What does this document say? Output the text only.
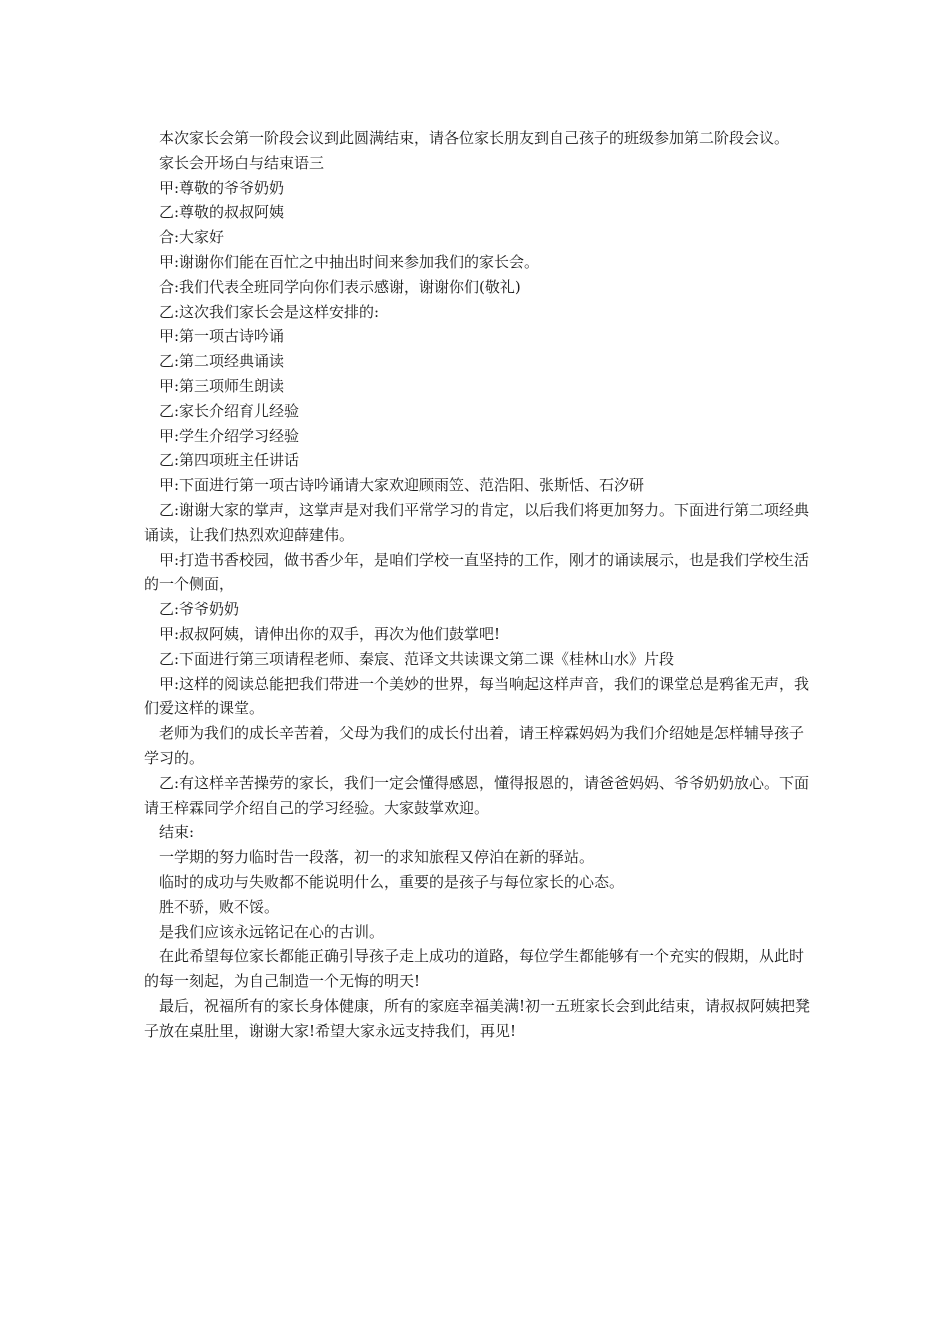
本次家长会第一阶段会议到此圆满结束，请各位家长朋友到自己孩子的班级参加第二阶段会议。

家长会开场白与结束语三

甲:尊敬的爷爷奶奶

乙:尊敬的叔叔阿姨

合:大家好

甲:谢谢你们能在百忙之中抽出时间来参加我们的家长会。

合:我们代表全班同学向你们表示感谢，谢谢你们(敬礼)

乙:这次我们家长会是这样安排的:

甲:第一项古诗吟诵

乙:第二项经典诵读

甲:第三项师生朗读

乙:家长介绍育儿经验

甲:学生介绍学习经验

乙:第四项班主任讲话

甲:下面进行第一项古诗吟诵请大家欢迎顾雨笠、范浩阳、张斯恬、石汐研

乙:谢谢大家的掌声，这掌声是对我们平常学习的肯定，以后我们将更加努力。下面进行第二项经典诵读，让我们热烈欢迎薛建伟。

甲:打造书香校园，做书香少年，是咱们学校一直坚持的工作，刚才的诵读展示，也是我们学校生活的一个侧面，

乙:爷爷奶奶

甲:叔叔阿姨，请伸出你的双手，再次为他们鼓掌吧!

乙:下面进行第三项请程老师、秦宸、范译文共读课文第二课《桂林山水》片段

甲:这样的阅读总能把我们带进一个美妙的世界，每当响起这样声音，我们的课堂总是鸦雀无声，我们爱这样的课堂。

老师为我们的成长辛苦着，父母为我们的成长付出着，请王梓霖妈妈为我们介绍她是怎样辅导孩子学习的。

乙:有这样辛苦操劳的家长，我们一定会懂得感恩，懂得报恩的，请爸爸妈妈、爷爷奶奶放心。下面请王梓霖同学介绍自己的学习经验。大家鼓掌欢迎。

结束:

一学期的努力临时告一段落，初一的求知旅程又停泊在新的驿站。

临时的成功与失败都不能说明什么，重要的是孩子与每位家长的心态。

胜不骄，败不馁。

是我们应该永远铭记在心的古训。

在此希望每位家长都能正确引导孩子走上成功的道路，每位学生都能够有一个充实的假期，从此时的每一刻起，为自己制造一个无悔的明天!

最后，祝福所有的家长身体健康，所有的家庭幸福美满!初一五班家长会到此结束，请叔叔阿姨把凳子放在桌肚里，谢谢大家!希望大家永远支持我们，再见!
